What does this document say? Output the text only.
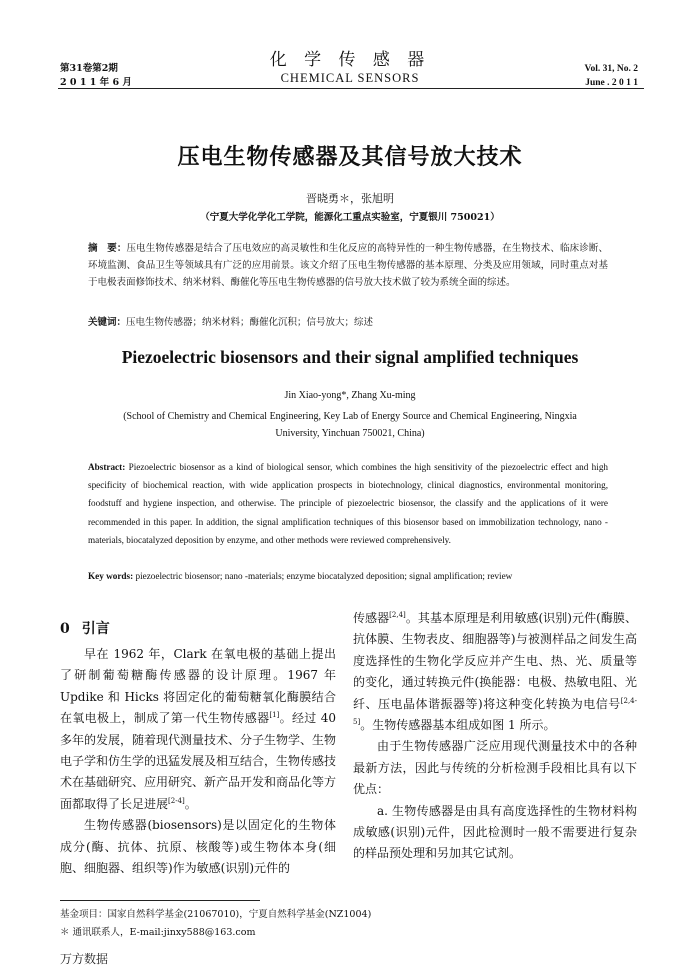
第31卷第2期
2 0 1 1 年 6 月
化 学 传 感 器
CHEMICAL SENSORS
Vol. 31, No. 2
June . 2 0 1 1
压电生物传感器及其信号放大技术
晋晓勇＊，张旭明
（宁夏大学化学化工学院，能源化工重点实验室，宁夏银川 750021）
摘　要：压电生物传感器是结合了压电效应的高灵敏性和生化反应的高特异性的一种生物传感器，在生物技术、临床诊断、环境监测、食品卫生等领域具有广泛的应用前景。该文介绍了压电生物传感器的基本原理、分类及应用领域，同时重点对基于电极表面修饰技术、纳米材料、酶催化等压电生物传感器的信号放大技术做了较为系统全面的综述。
关键词：压电生物传感器；纳米材料；酶催化沉积；信号放大；综述
Piezoelectric biosensors and their signal amplified techniques
Jin Xiao-yong*, Zhang Xu-ming
(School of Chemistry and Chemical Engineering, Key Lab of Energy Source and Chemical Engineering, Ningxia University, Yinchuan 750021, China)
Abstract: Piezoelectric biosensor as a kind of biological sensor, which combines the high sensitivity of the piezoelectric effect and high specificity of biochemical reaction, with wide application prospects in biotechnology, clinical diagnostics, environmental monitoring, foodstuff and hygiene inspection, and otherwise. The principle of piezoelectric biosensor, the classify and the applications of it were recommended in this paper. In addition, the signal amplification techniques of this biosensor based on immobilization technology, nano -materials, biocatalyzed deposition by enzyme, and other methods were reviewed comprehensively.
Key words: piezoelectric biosensor; nano -materials; enzyme biocatalyzed deposition; signal amplification; review
0 引言

早在 1962 年，Clark 在氧电极的基础上提出了研制葡萄糖酶传感器的设计原理。1967 年 Updike 和 Hicks 将固定化的葡萄糖氧化酶膜结合在氧电极上，制成了第一代生物传感器[1]。经过 40 多年的发展，随着现代测量技术、分子生物学、生物电子学和仿生学的迅猛发展及相互结合，生物传感技术在基础研究、应用研究、新产品开发和商品化等方面都取得了长足进展[2-4]。

生物传感器(biosensors)是以固定化的生物体成分(酶、抗体、抗原、核酸等)或生物体本身(细胞、细胞器、组织等)作为敏感(识别)元件的

传感器[2,4]。其基本原理是利用敏感(识别)元件(酶膜、抗体膜、生物表皮、细胞器等)与被测样品之间发生高度选择性的生物化学反应并产生电、热、光、质量等的变化，通过转换元件(换能器：电极、热敏电阻、光纤、压电晶体谐振器等)将这种变化转换为电信号[2,4-5]。生物传感器基本组成如图 1 所示。

由于生物传感器广泛应用现代测量技术中的各种最新方法，因此与传统的分析检测手段相比具有以下优点：

a. 生物传感器是由具有高度选择性的生物材料构成敏感(识别)元件，因此检测时一般不需要进行复杂的样品预处理和另加其它试剂。

基金项目：国家自然科学基金(21067010)，宁夏自然科学基金(NZ1004)
＊ 通讯联系人，E-mail:jinxy588@163.com
万方数据
